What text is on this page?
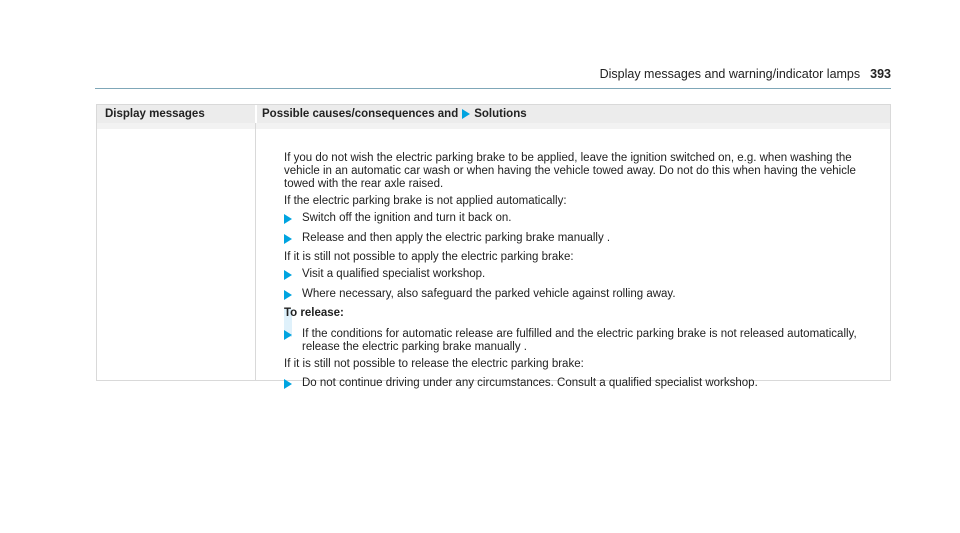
Display messages and warning/indicator lamps 393
Display messages	Possible causes/consequences and Solutions
If you do not wish the electric parking brake to be applied, leave the ignition switched on, e.g. when washing the
vehicle in an automatic car wash or when having the vehicle towed away. Do not do this when having the vehicle
towed with the rear axle raised.
If the electric parking brake is not applied automatically:
Switch off the ignition and turn it back on.
Release and then apply the electric parking brake manually .
If it is still not possible to apply the electric parking brake:
Visit a qualified specialist workshop.
Where necessary, also safeguard the parked vehicle against rolling away.
To release:
If the conditions for automatic release are fulfilled and the electric parking brake is not released automatically,
release the electric parking brake manually .
If it is still not possible to release the electric parking brake:
Do not continue driving under any circumstances. Consult a qualified specialist workshop.
